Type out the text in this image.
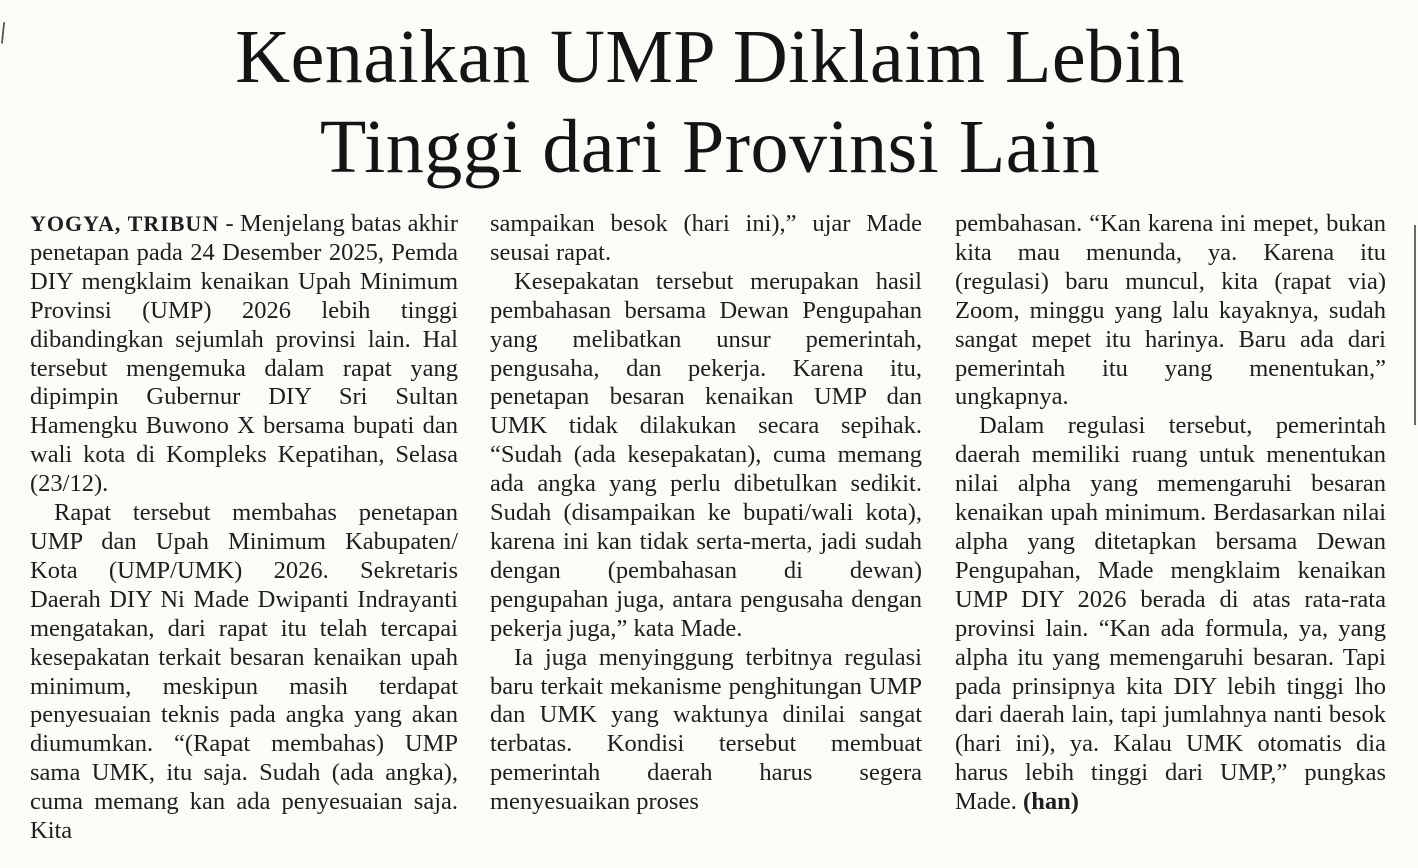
Kenaikan UMP Diklaim Lebih
Tinggi dari Provinsi Lain

YOGYA, TRIBUN - Menjelang batas akhir penetapan pada 24 Desember 2025, Pemda DIY mengklaim kenaikan Upah Minimum Provinsi (UMP) 2026 lebih tinggi dibandingkan sejumlah provinsi lain. Hal tersebut mengemuka dalam rapat yang dipimpin Gubernur DIY Sri Sultan Hamengku Buwono X bersama bupati dan wali kota di Kompleks Kepatihan, Selasa (23/12).

Rapat tersebut membahas penetapan UMP dan Upah Minimum Kabupaten/ Kota (UMP/UMK) 2026. Sekretaris Daerah DIY Ni Made Dwipanti Indrayanti mengatakan, dari rapat itu telah tercapai kesepakatan terkait besaran kenaikan upah minimum, meskipun masih terdapat penyesuaian teknis pada angka yang akan diumumkan. “(Rapat membahas) UMP sama UMK, itu saja. Sudah (ada angka), cuma memang kan ada penyesuaian saja. Kita

sampaikan besok (hari ini),” ujar Made seusai rapat.

Kesepakatan tersebut merupakan hasil pembahasan bersama Dewan Pengupahan yang melibatkan unsur pemerintah, pengusaha, dan pekerja. Karena itu, penetapan besaran kenaikan UMP dan UMK tidak dilakukan secara sepihak. “Sudah (ada kesepakatan), cuma memang ada angka yang perlu dibetulkan sedikit. Sudah (disampaikan ke bupati/wali kota), karena ini kan tidak serta-merta, jadi sudah dengan (pembahasan di dewan) pengupahan juga, antara pengusaha dengan pekerja juga,” kata Made.

Ia juga menyinggung terbitnya regulasi baru terkait mekanisme penghitungan UMP dan UMK yang waktunya dinilai sangat terbatas. Kondisi tersebut membuat pemerintah daerah harus segera menyesuaikan proses

pembahasan. “Kan karena ini mepet, bukan kita mau menunda, ya. Karena itu (regulasi) baru muncul, kita (rapat via) Zoom, minggu yang lalu kayaknya, sudah sangat mepet itu harinya. Baru ada dari pemerintah itu yang menentukan,” ungkapnya.

Dalam regulasi tersebut, pemerintah daerah memiliki ruang untuk menentukan nilai alpha yang memengaruhi besaran kenaikan upah minimum. Berdasarkan nilai alpha yang ditetapkan bersama Dewan Pengupahan, Made mengklaim kenaikan UMP DIY 2026 berada di atas rata-rata provinsi lain. “Kan ada formula, ya, yang alpha itu yang memengaruhi besaran. Tapi pada prinsipnya kita DIY lebih tinggi lho dari daerah lain, tapi jumlahnya nanti besok (hari ini), ya. Kalau UMK otomatis dia harus lebih tinggi dari UMP,” pungkas Made. (han)
